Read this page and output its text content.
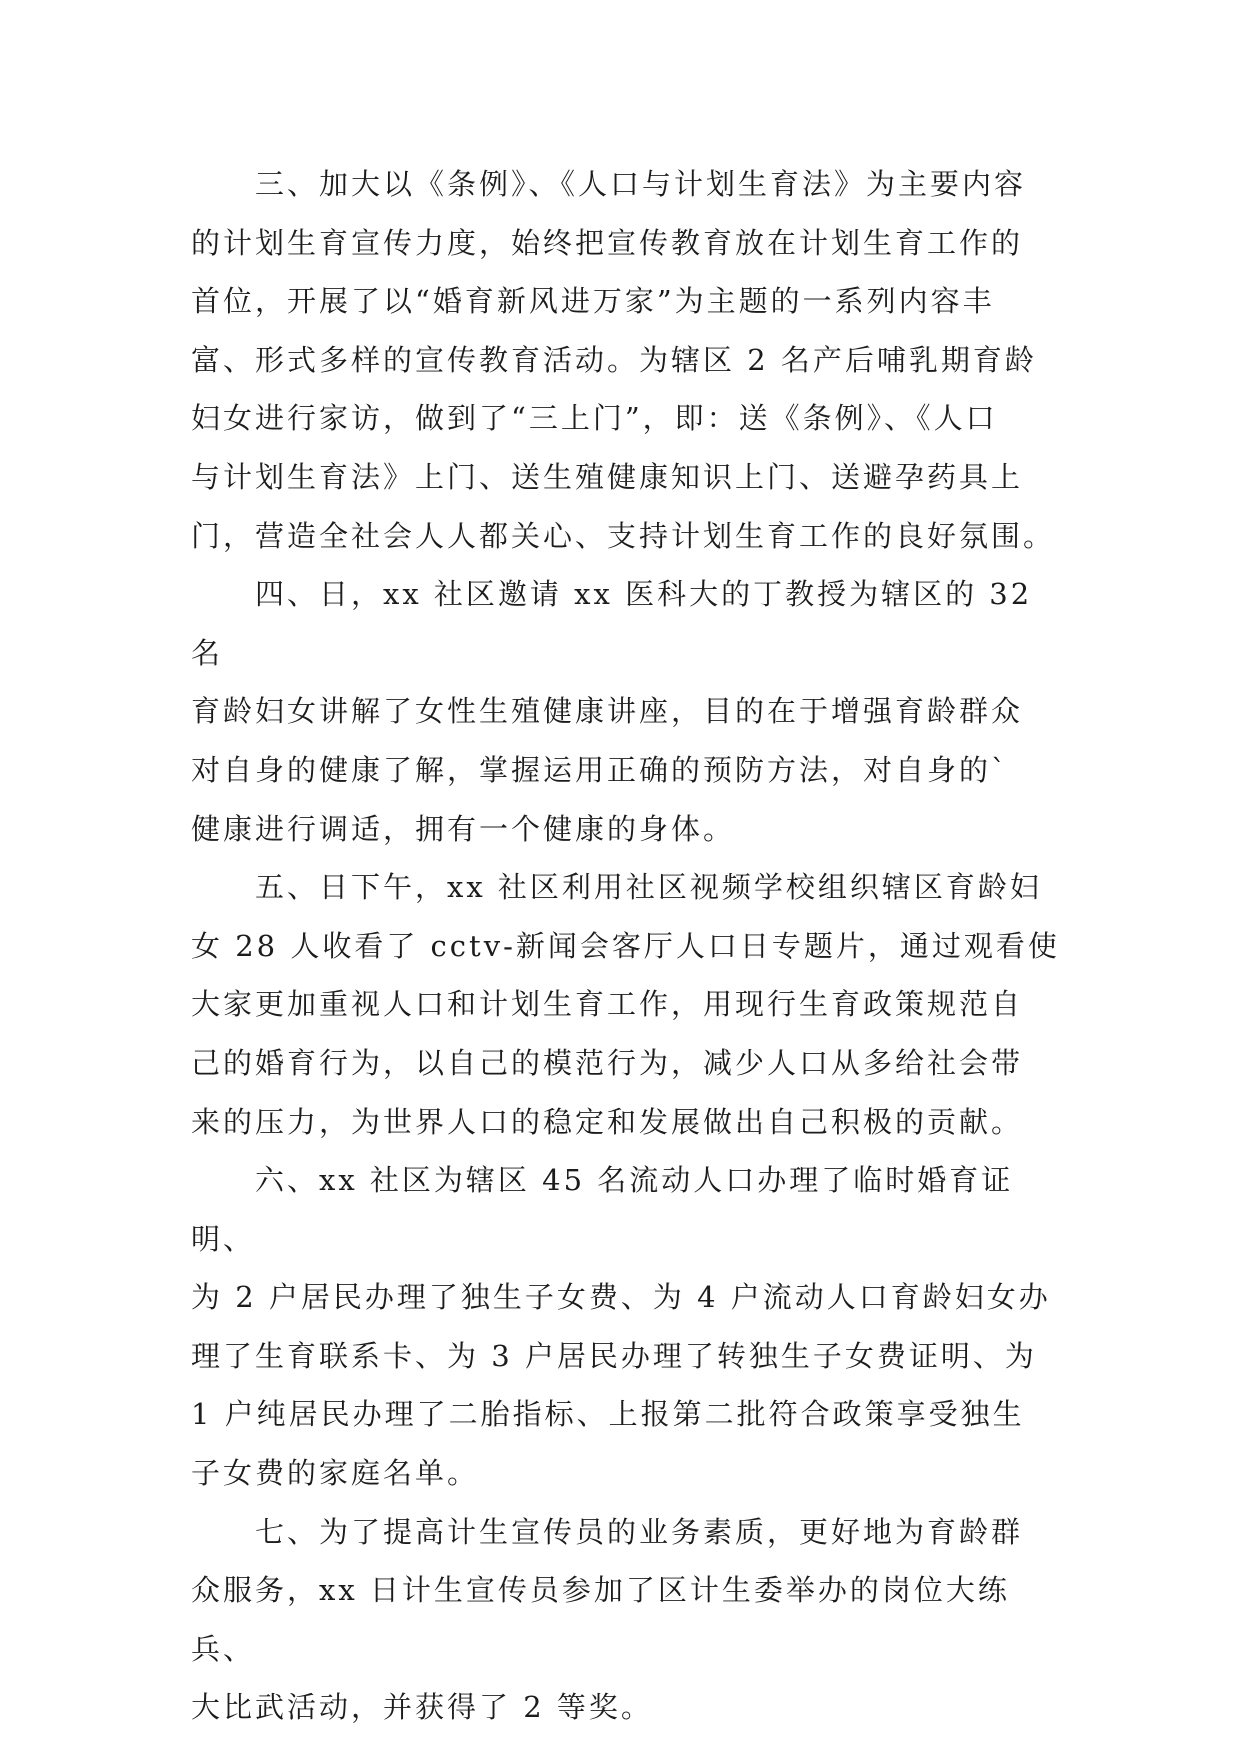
　　三、加大以《条例》、《人口与计划生育法》为主要内容
的计划生育宣传力度，始终把宣传教育放在计划生育工作的
首位，开展了以“婚育新风进万家”为主题的一系列内容丰
富、形式多样的宣传教育活动。为辖区 2 名产后哺乳期育龄
妇女进行家访，做到了“三上门”，即：送《条例》、《人口
与计划生育法》上门、送生殖健康知识上门、送避孕药具上
门，营造全社会人人都关心、支持计划生育工作的良好氛围。

　　四、日，xx 社区邀请 xx 医科大的丁教授为辖区的 32 名
育龄妇女讲解了女性生殖健康讲座，目的在于增强育龄群众
对自身的健康了解，掌握运用正确的预防方法，对自身的`
健康进行调适，拥有一个健康的身体。

　　五、日下午，xx 社区利用社区视频学校组织辖区育龄妇
女 28 人收看了 cctv-新闻会客厅人口日专题片，通过观看使
大家更加重视人口和计划生育工作，用现行生育政策规范自
己的婚育行为，以自己的模范行为，减少人口从多给社会带
来的压力，为世界人口的稳定和发展做出自己积极的贡献。

　　六、xx 社区为辖区 45 名流动人口办理了临时婚育证明、
为 2 户居民办理了独生子女费、为 4 户流动人口育龄妇女办
理了生育联系卡、为 3 户居民办理了转独生子女费证明、为
1 户纯居民办理了二胎指标、上报第二批符合政策享受独生
子女费的家庭名单。

　　七、为了提高计生宣传员的业务素质，更好地为育龄群
众服务，xx 日计生宣传员参加了区计生委举办的岗位大练兵、
大比武活动，并获得了 2 等奖。
